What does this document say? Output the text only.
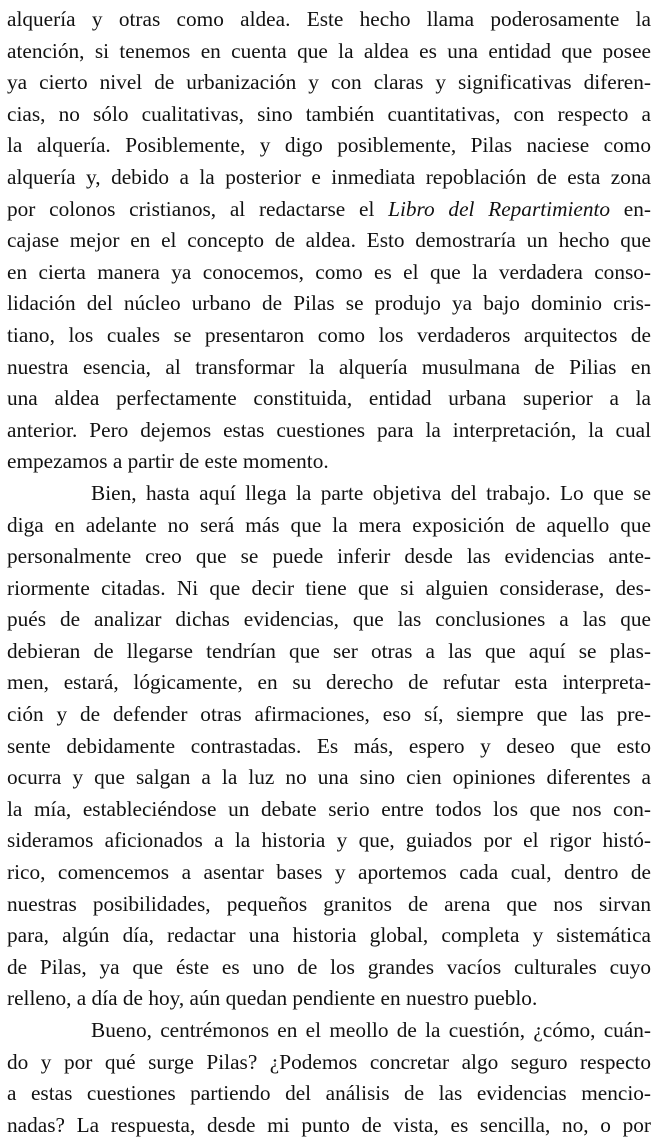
alquería y otras como aldea. Este hecho llama poderosamente la
atención, si tenemos en cuenta que la aldea es una entidad que posee
ya cierto nivel de urbanización y con claras y significativas diferen-
cias, no sólo cualitativas, sino también cuantitativas, con respecto a
la alquería. Posiblemente, y digo posiblemente, Pilas naciese como
alquería y, debido a la posterior e inmediata repoblación de esta zona
por colonos cristianos, al redactarse el Libro del Repartimiento en-
cajase mejor en el concepto de aldea. Esto demostraría un hecho que
en cierta manera ya conocemos, como es el que la verdadera conso-
lidación del núcleo urbano de Pilas se produjo ya bajo dominio cris-
tiano, los cuales se presentaron como los verdaderos arquitectos de
nuestra esencia, al transformar la alquería musulmana de Pilias en
una aldea perfectamente constituida, entidad urbana superior a la
anterior. Pero dejemos estas cuestiones para la interpretación, la cual
empezamos a partir de este momento.
Bien, hasta aquí llega la parte objetiva del trabajo. Lo que se
diga en adelante no será más que la mera exposición de aquello que
personalmente creo que se puede inferir desde las evidencias ante-
riormente citadas. Ni que decir tiene que si alguien considerase, des-
pués de analizar dichas evidencias, que las conclusiones a las que
debieran de llegarse tendrían que ser otras a las que aquí se plas-
men, estará, lógicamente, en su derecho de refutar esta interpreta-
ción y de defender otras afirmaciones, eso sí, siempre que las pre-
sente debidamente contrastadas. Es más, espero y deseo que esto
ocurra y que salgan a la luz no una sino cien opiniones diferentes a
la mía, estableciéndose un debate serio entre todos los que nos con-
sideramos aficionados a la historia y que, guiados por el rigor histó-
rico, comencemos a asentar bases y aportemos cada cual, dentro de
nuestras posibilidades, pequeños granitos de arena que nos sirvan
para, algún día, redactar una historia global, completa y sistemática
de Pilas, ya que éste es uno de los grandes vacíos culturales cuyo
relleno, a día de hoy, aún quedan pendiente en nuestro pueblo.
Bueno, centrémonos en el meollo de la cuestión, ¿cómo, cuán-
do y por qué surge Pilas? ¿Podemos concretar algo seguro respecto
a estas cuestiones partiendo del análisis de las evidencias mencio-
nadas? La respuesta, desde mi punto de vista, es sencilla, no, o por
